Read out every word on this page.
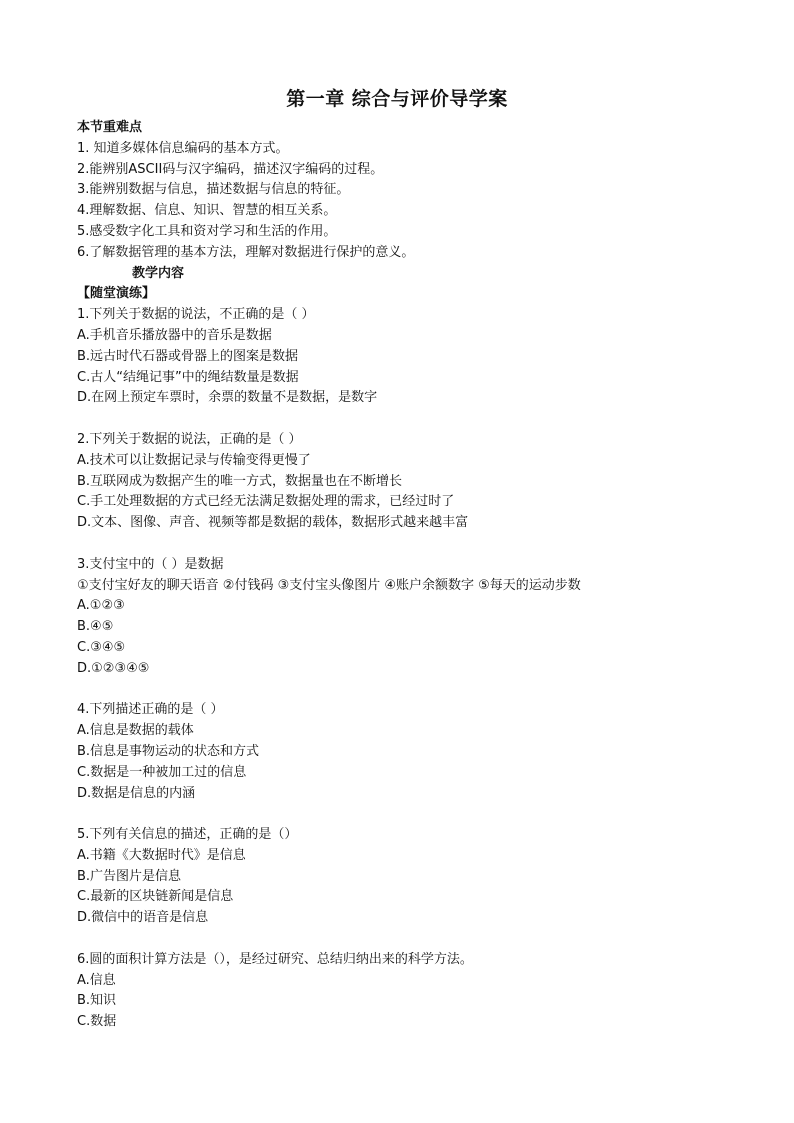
第一章 综合与评价导学案
本节重难点
1. 知道多媒体信息编码的基本方式。
2.能辨别ASCII码与汉字编码，描述汉字编码的过程。
3.能辨别数据与信息，描述数据与信息的特征。
4.理解数据、信息、知识、智慧的相互关系。
5.感受数字化工具和资对学习和生活的作用。
6.了解数据管理的基本方法，理解对数据进行保护的意义。
教学内容
【随堂演练】
1.下列关于数据的说法，不正确的是（ ）
A.手机音乐播放器中的音乐是数据
B.远古时代石器或骨器上的图案是数据
C.古人“结绳记事”中的绳结数量是数据
D.在网上预定车票时，余票的数量不是数据，是数字
2.下列关于数据的说法，正确的是（ ）
A.技术可以让数据记录与传输变得更慢了
B.互联网成为数据产生的唯一方式，数据量也在不断增长
C.手工处理数据的方式已经无法满足数据处理的需求，已经过时了
D.文本、图像、声音、视频等都是数据的载体，数据形式越来越丰富
3.支付宝中的（ ）是数据
①支付宝好友的聊天语音 ②付钱码 ③支付宝头像图片 ④账户余额数字 ⑤每天的运动步数
A.①②③
B.④⑤
C.③④⑤
D.①②③④⑤
4.下列描述正确的是（ ）
A.信息是数据的载体
B.信息是事物运动的状态和方式
C.数据是一种被加工过的信息
D.数据是信息的内涵
5.下列有关信息的描述，正确的是（）
A.书籍《大数据时代》是信息
B.广告图片是信息
C.最新的区块链新闻是信息
D.微信中的语音是信息
6.圆的面积计算方法是（），是经过研究、总结归纳出来的科学方法。
A.信息
B.知识
C.数据
